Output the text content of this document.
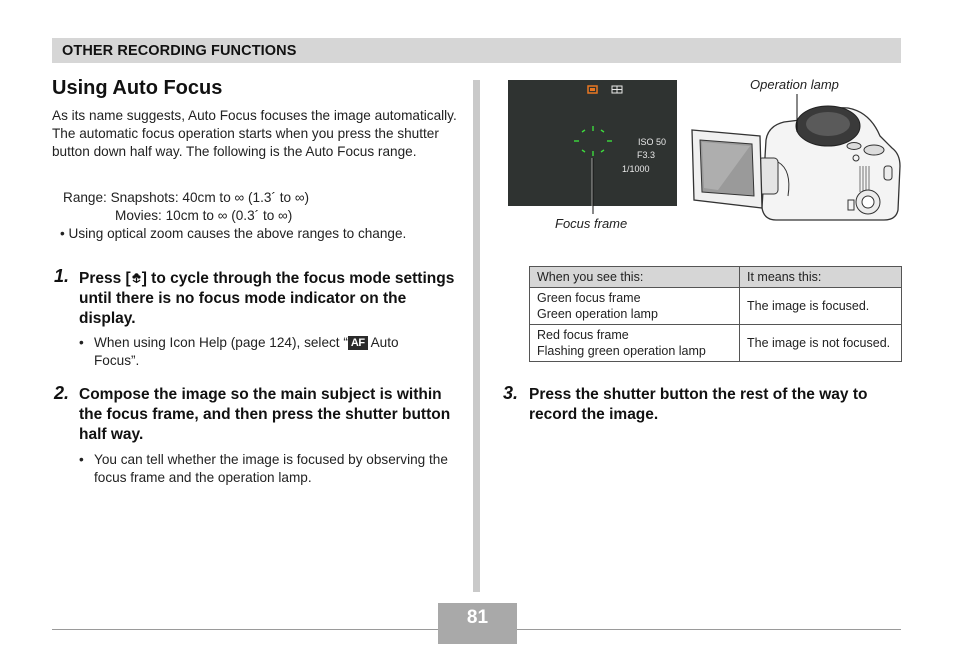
OTHER RECORDING FUNCTIONS
Using Auto Focus
As its name suggests, Auto Focus focuses the image automatically. The automatic focus operation starts when you press the shutter button down half way. The following is the Auto Focus range.
Range: Snapshots: 40cm to ∞ (1.3´ to ∞)
Movies: 10cm to ∞ (0.3´ to ∞)
• Using optical zoom causes the above ranges to change.
1. Press [ ] to cycle through the focus mode settings until there is no focus mode indicator on the display.
• When using Icon Help (page 124), select “ AF Auto Focus”.
2. Compose the image so the main subject is within the focus frame, and then press the shutter button half way.
• You can tell whether the image is focused by observing the focus frame and the operation lamp.
ISO 50
F3.3
1/1000
Operation lamp
Focus frame
When you see this:	It means this:

Green focus frame
Green operation lamp	The image is focused.

Red focus frame
Flashing green operation lamp	The image is not focused.
3. Press the shutter button the rest of the way to record the image.
81
